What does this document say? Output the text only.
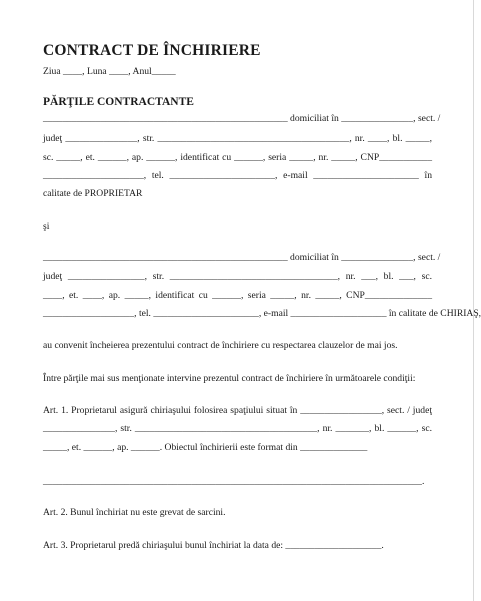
CONTRACT DE ÎNCHIRIERE
Ziua ____, Luna ____, Anul_____
PĂRŢILE CONTRACTANTE
___________________________________________________ domiciliat în _______________, sect. /
judeţ _______________, str. ________________________________________, nr. ____, bl. _____,
sc. _____, et. ______, ap. ______, identificat cu ______, seria _____, nr. _____, CNP___________
_____________________, tel. ______________________, e-mail ______________________ în
calitate de PROPRIETAR
şi
___________________________________________________ domiciliat în _______________, sect. /
judeţ ________________, str. ___________________________________, nr. ___, bl. ___, sc.
____, et. ____, ap. _____, identificat cu ______, seria _____, nr. _____, CNP______________
___________________, tel. ______________________, e-mail ____________________ în calitate de CHIRIAŞ,
au convenit încheierea prezentului contract de închiriere cu respectarea clauzelor de mai jos.
Între părţile mai sus menţionate intervine prezentul contract de închiriere în următoarele condiţii:
Art. 1. Proprietarul asigură chiriaşului folosirea spaţiului situat în _________________, sect. / judeţ
_______________, str. ______________________________________, nr. _______, bl. ______, sc.
_____, et. ______, ap. ______. Obiectul închirierii este format din ______________
_______________________________________________________________________________.
Art. 2. Bunul închiriat nu este grevat de sarcini.
Art. 3. Proprietarul predă chiriaşului bunul închiriat la data de: ____________________.
